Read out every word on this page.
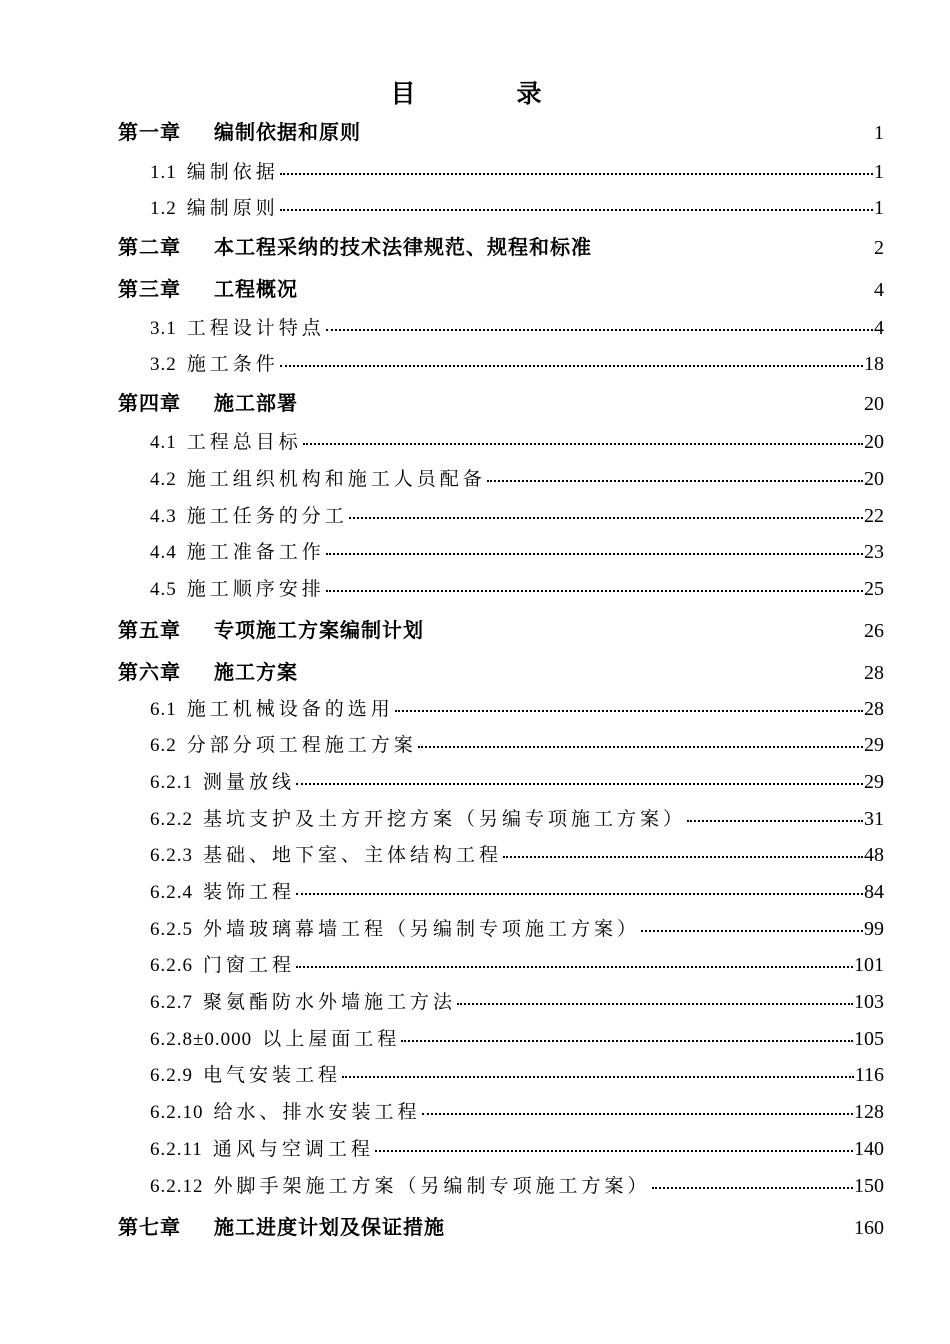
目　录
第一章	编制依据和原则	1
1.1 编制依据	1
1.2 编制原则	1
第二章	本工程采纳的技术法律规范、规程和标准	2
第三章	工程概况	4
3.1 工程设计特点	4
3.2 施工条件	18
第四章	施工部署	20
4.1 工程总目标	20
4.2 施工组织机构和施工人员配备	20
4.3 施工任务的分工	22
4.4 施工准备工作	23
4.5 施工顺序安排	25
第五章	专项施工方案编制计划	26
第六章	施工方案	28
6.1 施工机械设备的选用	28
6.2 分部分项工程施工方案	29
6.2.1 测量放线	29
6.2.2 基坑支护及土方开挖方案（另编专项施工方案）	31
6.2.3 基础、地下室、主体结构工程	48
6.2.4 装饰工程	84
6.2.5 外墙玻璃幕墙工程（另编制专项施工方案）	99
6.2.6 门窗工程	101
6.2.7 聚氨酯防水外墙施工方法	103
6.2.8±0.000 以上屋面工程	105
6.2.9 电气安装工程	116
6.2.10 给水、排水安装工程	128
6.2.11 通风与空调工程	140
6.2.12 外脚手架施工方案（另编制专项施工方案）	150
第七章	施工进度计划及保证措施	160
